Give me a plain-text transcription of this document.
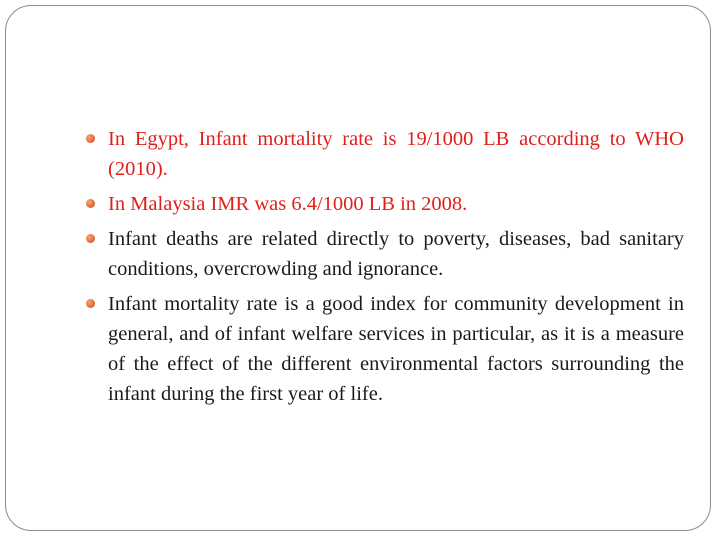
In Egypt, Infant mortality rate is 19/1000 LB according to WHO (2010).
In Malaysia IMR was 6.4/1000 LB in 2008.
Infant deaths are related directly to poverty, diseases, bad sanitary conditions, overcrowding and ignorance.
Infant mortality rate is a good index for community development in general, and of infant welfare services in particular, as it is a measure of the effect of the different environmental factors surrounding the infant during the first year of life.
